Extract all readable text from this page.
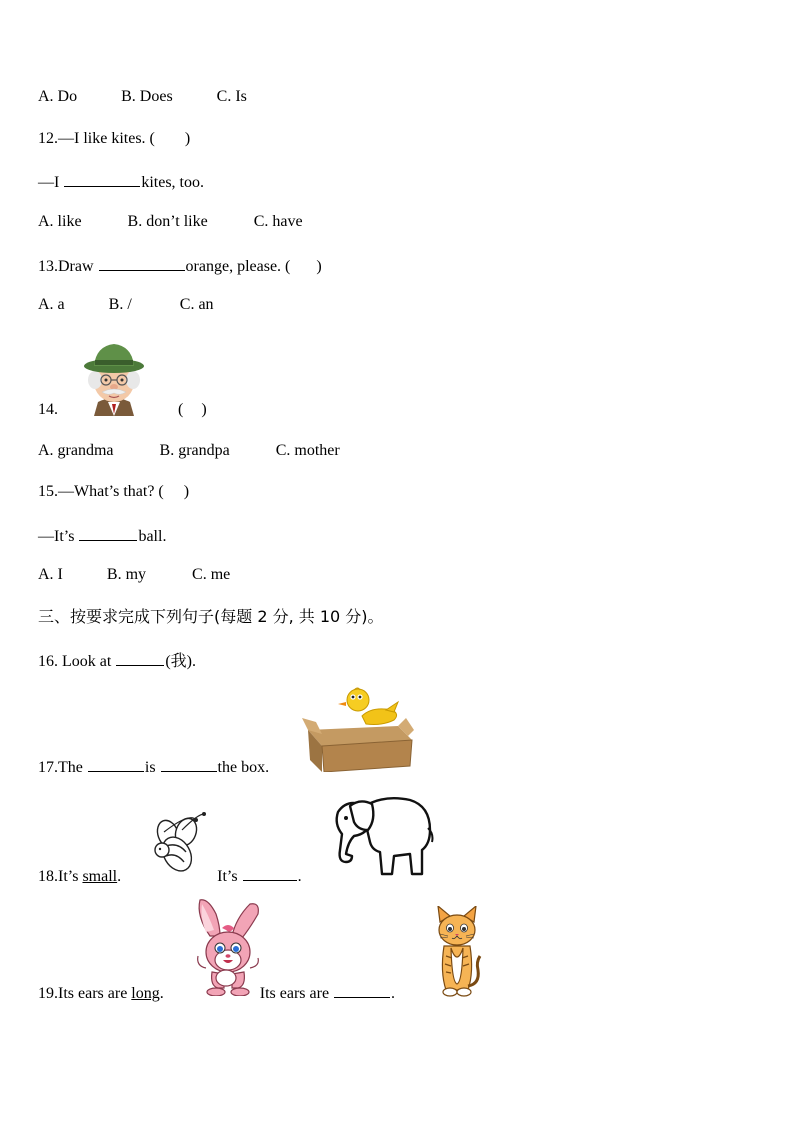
A. Do	B. Does	C. Is
12.—I like kites. ( )
—I	kites, too.
A. like	B. don’t like	C. have
13.Draw	orange, please. ( )
A. a	B. /	C. an
14.	( )
A. grandma	B. grandpa	C. mother
15.—What’s that? ( )
—It’s	ball.
A. I	B. my	C. me
三、按要求完成下列句子(每题 2 分, 共 10 分)。
16. Look at	(我).
17.The	is	the box.
18.It’s small.	It’s	.
19.Its ears are long.	Its ears are	.
